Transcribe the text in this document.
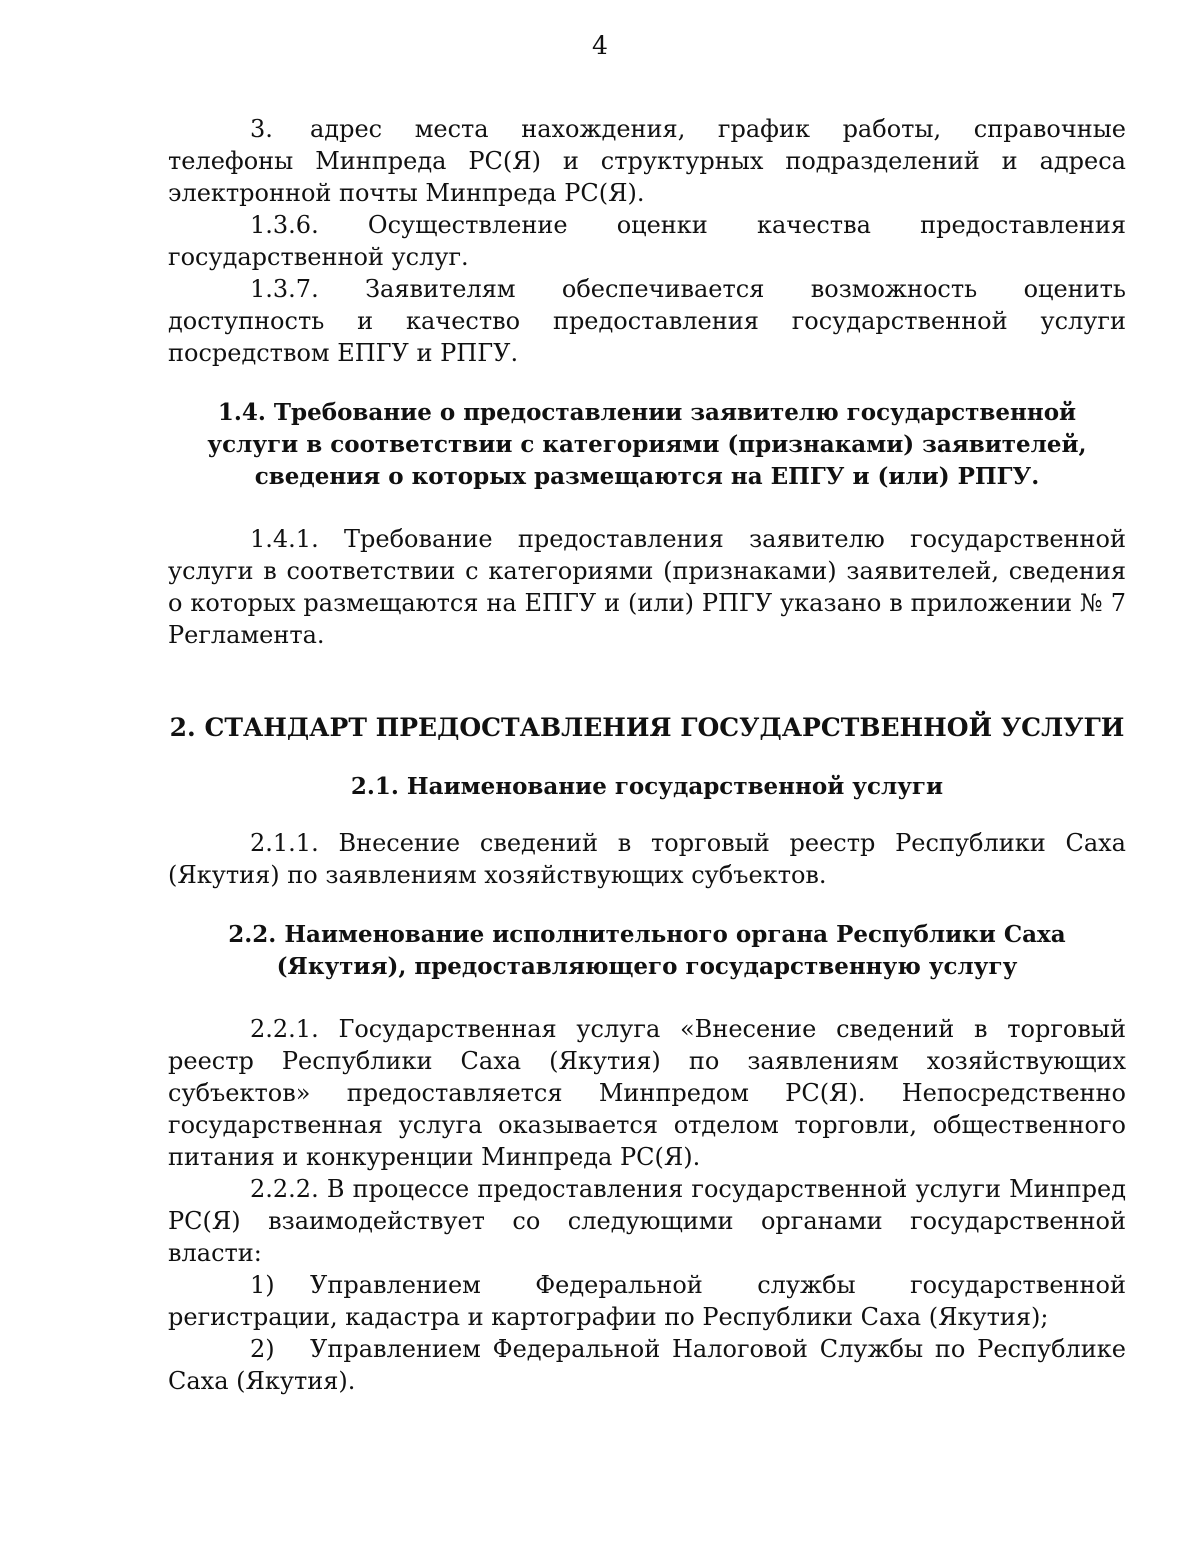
4

3. адрес места нахождения, график работы, справочные телефоны Минпреда РС(Я) и структурных подразделений и адреса электронной почты Минпреда РС(Я).

1.3.6. Осуществление оценки качества предоставления государственной услуг.

1.3.7. Заявителям обеспечивается возможность оценить доступность и качество предоставления государственной услуги посредством ЕПГУ и РПГУ.

1.4. Требование о предоставлении заявителю государственной услуги в соответствии с категориями (признаками) заявителей, сведения о которых размещаются на ЕПГУ и (или) РПГУ.

1.4.1. Требование предоставления заявителю государственной услуги в соответствии с категориями (признаками) заявителей, сведения о которых размещаются на ЕПГУ и (или) РПГУ указано в приложении № 7 Регламента.

2. СТАНДАРТ ПРЕДОСТАВЛЕНИЯ ГОСУДАРСТВЕННОЙ УСЛУГИ

2.1. Наименование государственной услуги

2.1.1. Внесение сведений в торговый реестр Республики Саха (Якутия) по заявлениям хозяйствующих субъектов.

2.2. Наименование исполнительного органа Республики Саха (Якутия), предоставляющего государственную услугу

2.2.1. Государственная услуга «Внесение сведений в торговый реестр Республики Саха (Якутия) по заявлениям хозяйствующих субъектов» предоставляется Минпредом РС(Я). Непосредственно государственная услуга оказывается отделом торговли, общественного питания и конкуренции Минпреда РС(Я).

2.2.2. В процессе предоставления государственной услуги Минпред РС(Я) взаимодействует со следующими органами государственной власти:

1) Управлением Федеральной службы государственной регистрации, кадастра и картографии по Республики Саха (Якутия);

2) Управлением Федеральной Налоговой Службы по Республике Саха (Якутия).
